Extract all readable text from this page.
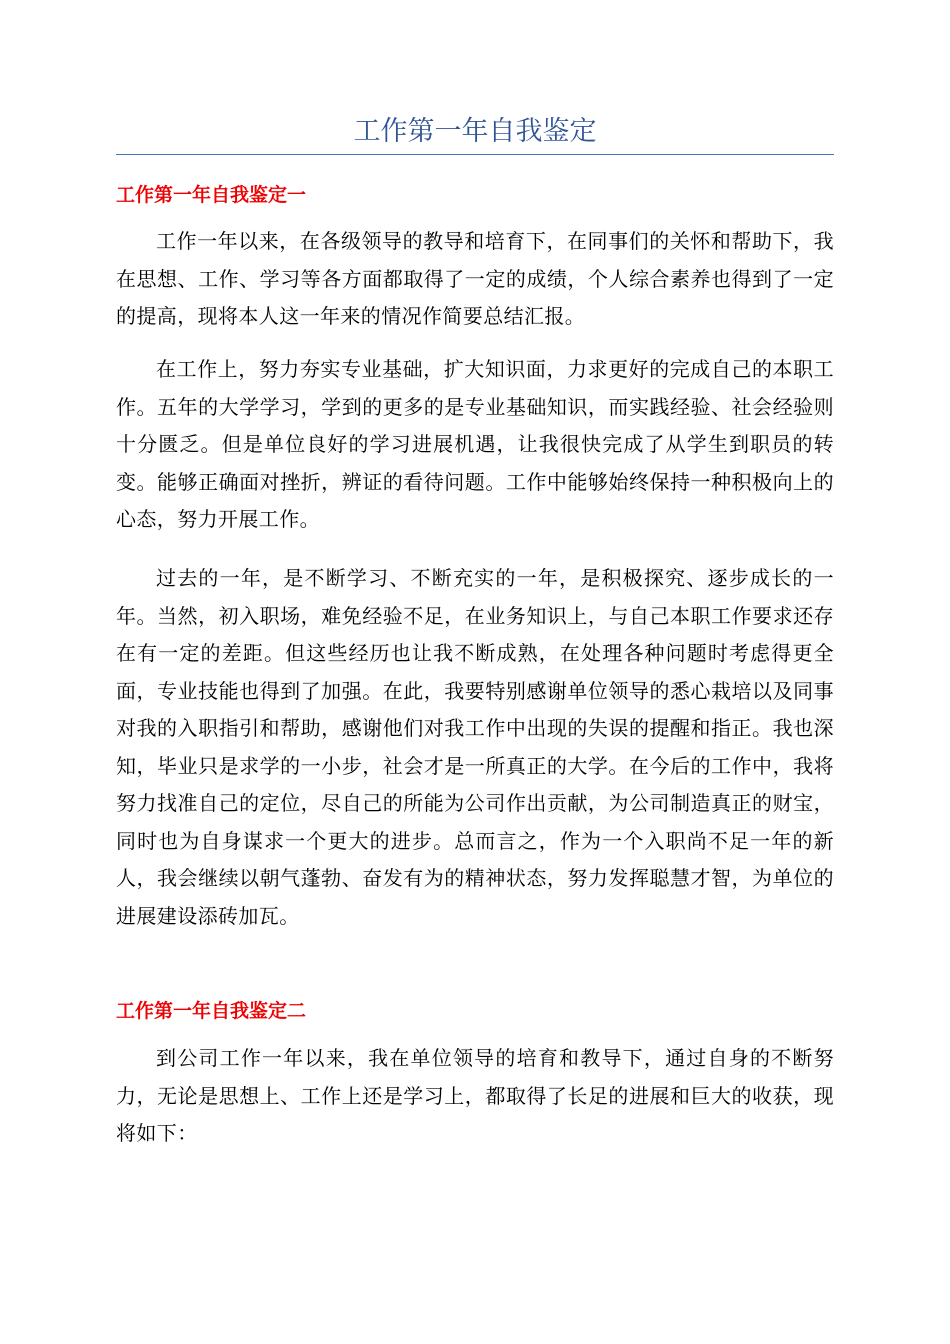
工作第一年自我鉴定
工作第一年自我鉴定一

工作一年以来，在各级领导的教导和培育下，在同事们的关怀和帮助下，我在思想、工作、学习等各方面都取得了一定的成绩，个人综合素养也得到了一定的提高，现将本人这一年来的情况作简要总结汇报。

在工作上，努力夯实专业基础，扩大知识面，力求更好的完成自己的本职工作。五年的大学学习，学到的更多的是专业基础知识，而实践经验、社会经验则十分匮乏。但是单位良好的学习进展机遇，让我很快完成了从学生到职员的转变。能够正确面对挫折，辨证的看待问题。工作中能够始终保持一种积极向上的心态，努力开展工作。

过去的一年，是不断学习、不断充实的一年，是积极探究、逐步成长的一年。当然，初入职场，难免经验不足，在业务知识上，与自己本职工作要求还存在有一定的差距。但这些经历也让我不断成熟，在处理各种问题时考虑得更全面，专业技能也得到了加强。在此，我要特别感谢单位领导的悉心栽培以及同事对我的入职指引和帮助，感谢他们对我工作中出现的失误的提醒和指正。我也深知，毕业只是求学的一小步，社会才是一所真正的大学。在今后的工作中，我将努力找准自己的定位，尽自己的所能为公司作出贡献，为公司制造真正的财宝，同时也为自身谋求一个更大的进步。总而言之，作为一个入职尚不足一年的新人，我会继续以朝气蓬勃、奋发有为的精神状态，努力发挥聪慧才智，为单位的进展建设添砖加瓦。

工作第一年自我鉴定二

到公司工作一年以来，我在单位领导的培育和教导下，通过自身的不断努力，无论是思想上、工作上还是学习上，都取得了长足的进展和巨大的收获，现将如下：
